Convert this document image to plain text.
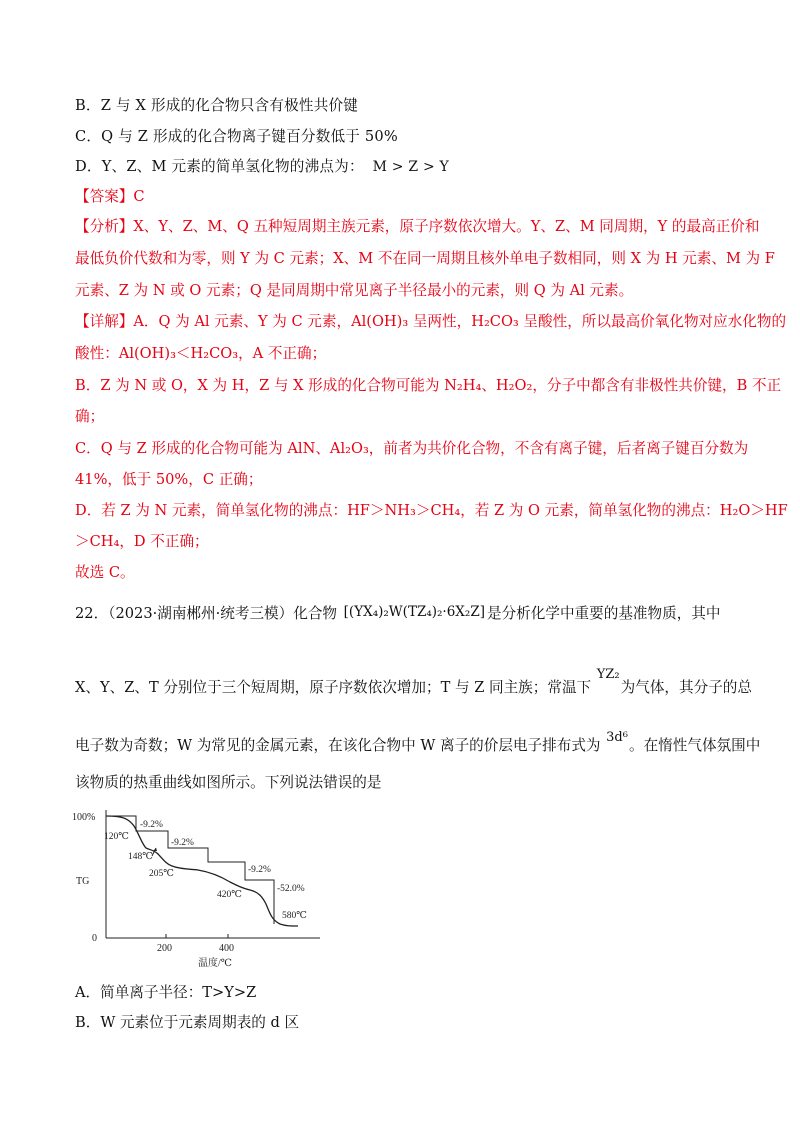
B．Z 与 X 形成的化合物只含有极性共价键
C．Q 与 Z 形成的化合物离子键百分数低于 50%
D．Y、Z、M 元素的简单氢化物的沸点为： M > Z > Y
【答案】C
【分析】X、Y、Z、M、Q 五种短周期主族元素，原子序数依次增大。Y、Z、M 同周期，Y 的最高正价和
最低负价代数和为零，则 Y 为 C 元素；X、M 不在同一周期且核外单电子数相同，则 X 为 H 元素、M 为 F
元素、Z 为 N 或 O 元素；Q 是同周期中常见离子半径最小的元素，则 Q 为 Al 元素。
【详解】A．Q 为 Al 元素、Y 为 C 元素，Al(OH)₃ 呈两性，H₂CO₃ 呈酸性，所以最高价氧化物对应水化物的
酸性：Al(OH)₃＜H₂CO₃，A 不正确；
B．Z 为 N 或 O，X 为 H，Z 与 X 形成的化合物可能为 N₂H₄、H₂O₂，分子中都含有非极性共价键，B 不正
确；
C．Q 与 Z 形成的化合物可能为 AlN、Al₂O₃，前者为共价化合物，不含有离子键，后者离子键百分数为
41%，低于 50%，C 正确；
D．若 Z 为 N 元素，简单氢化物的沸点：HF＞NH₃＞CH₄，若 Z 为 O 元素，简单氢化物的沸点：H₂O＞HF
＞CH₄，D 不正确；
故选 C。
22．（2023·湖南郴州·统考三模）化合物 [(YX₄)₂W(TZ₄)₂·6X₂Z] 是分析化学中重要的基准物质，其中
X、Y、Z、T 分别位于三个短周期，原子序数依次增加；T 与 Z 同主族；常温下 YZ₂为气体，其分子的总
电子数为奇数；W 为常见的金属元素，在该化合物中 W 离子的价层电子排布式为 3d⁶。在惰性气体氛围中
该物质的热重曲线如图所示。下列说法错误的是
100%
0
TG
200	400
温度/℃
120℃
148℃
205℃
420℃
580℃
-9.2%
-9.2%
-9.2%
-52.0%
A．简单离子半径：T>Y>Z
B．W 元素位于元素周期表的 d 区
